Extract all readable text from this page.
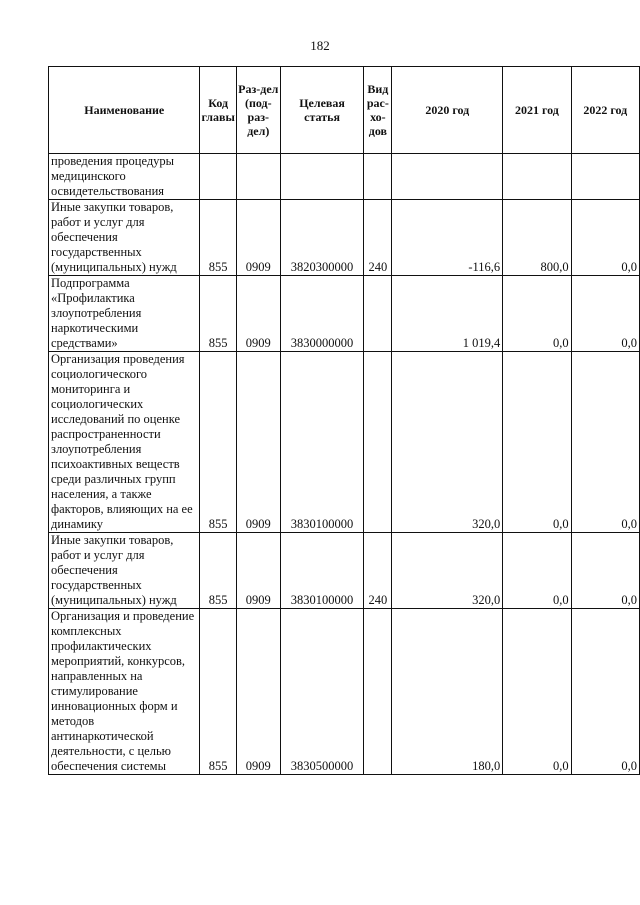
182
Наименование	Код главы	Раз-дел (под-раз-дел)	Целевая статья	Вид рас-хо-дов	2020 год	2021 год	2022 год
проведения процедуры медицинского освидетельствования							
Иные закупки товаров, работ и услуг для обеспечения государственных (муниципальных) нужд	855	0909	3820300000	240	-116,6	800,0	0,0
Подпрограмма «Профилактика злоупотребления наркотическими средствами»	855	0909	3830000000		1 019,4	0,0	0,0
Организация проведения социологического мониторинга и социологических исследований по оценке распространенности злоупотребления психоактивных веществ среди различных групп населения, а также факторов, влияющих на ее динамику	855	0909	3830100000		320,0	0,0	0,0
Иные закупки товаров, работ и услуг для обеспечения государственных (муниципальных) нужд	855	0909	3830100000	240	320,0	0,0	0,0
Организация и проведение комплексных профилактических мероприятий, конкурсов, направленных на стимулирование инновационных форм и методов антинаркотической деятельности, с целью обеспечения системы	855	0909	3830500000		180,0	0,0	0,0
